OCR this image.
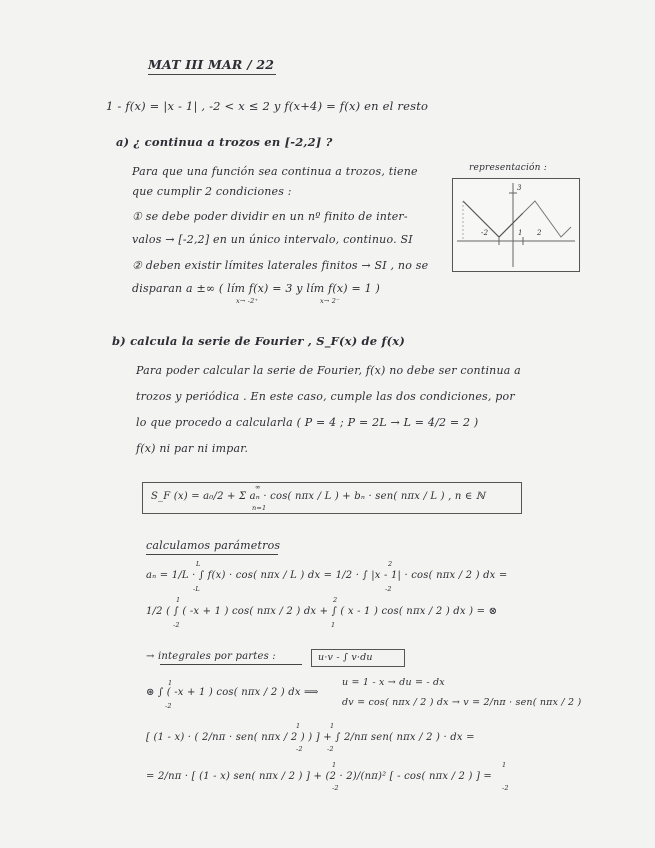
MAT III MAR / 22
1 - f(x) = |x - 1| , -2 < x ≤ 2 y f(x+4) = f(x) en el resto
a) ¿ continua a trozos en [-2,2] ?
Para que una función sea continua a trozos, tiene
que cumplir 2 condiciones :
① se debe poder dividir en un nº finito de inter-
valos → [-2,2] en un único intervalo, continuo. SI
② deben existir límites laterales finitos → SI , no se
disparan a ±∞ ( lím f(x) = 3 y lím f(x) = 1 )
x→ -2⁺	x→ 2⁻
representación :
3
-2	1 2
b) calcula la serie de Fourier , S_F(x) de f(x)
Para poder calcular la serie de Fourier, f(x) no debe ser continua a
trozos y periódica . En este caso, cumple las dos condiciones, por
lo que procedo a calcularla ( P = 4 ; P = 2L → L = 4/2 = 2 )
f(x) ni par ni impar.
S_F (x) = a₀/2 + Σ aₙ · cos( nπx / L ) + bₙ · sen( nπx / L ) , n ∈ ℕ
∞
n=1
calculamos parámetros
aₙ = 1/L · ∫ f(x) · cos( nπx / L ) dx = 1/2 · ∫ |x - 1| · cos( nπx / 2 ) dx =
L
-L
2
-2
1/2 ( ∫ ( -x + 1 ) cos( nπx / 2 ) dx + ∫ ( x - 1 ) cos( nπx / 2 ) dx ) = ⊗
1
-2
2
1
→ integrales por partes :	u·v - ∫ v·du
⊛ ∫ ( -x + 1 ) cos( nπx / 2 ) dx ⟹
1
-2
u = 1 - x → du = - dx
dv = cos( nπx / 2 ) dx → v = 2/nπ · sen( nπx / 2 )
[ (1 - x) · ( 2/nπ · sen( nπx / 2 ) ) ] + ∫ 2/nπ sen( nπx / 2 ) · dx =
1
-2
1
-2
= 2/nπ · [ (1 - x) sen( nπx / 2 ) ] + (2 · 2)/(nπ)² [ - cos( nπx / 2 ) ] =
1
-2
1
-2
